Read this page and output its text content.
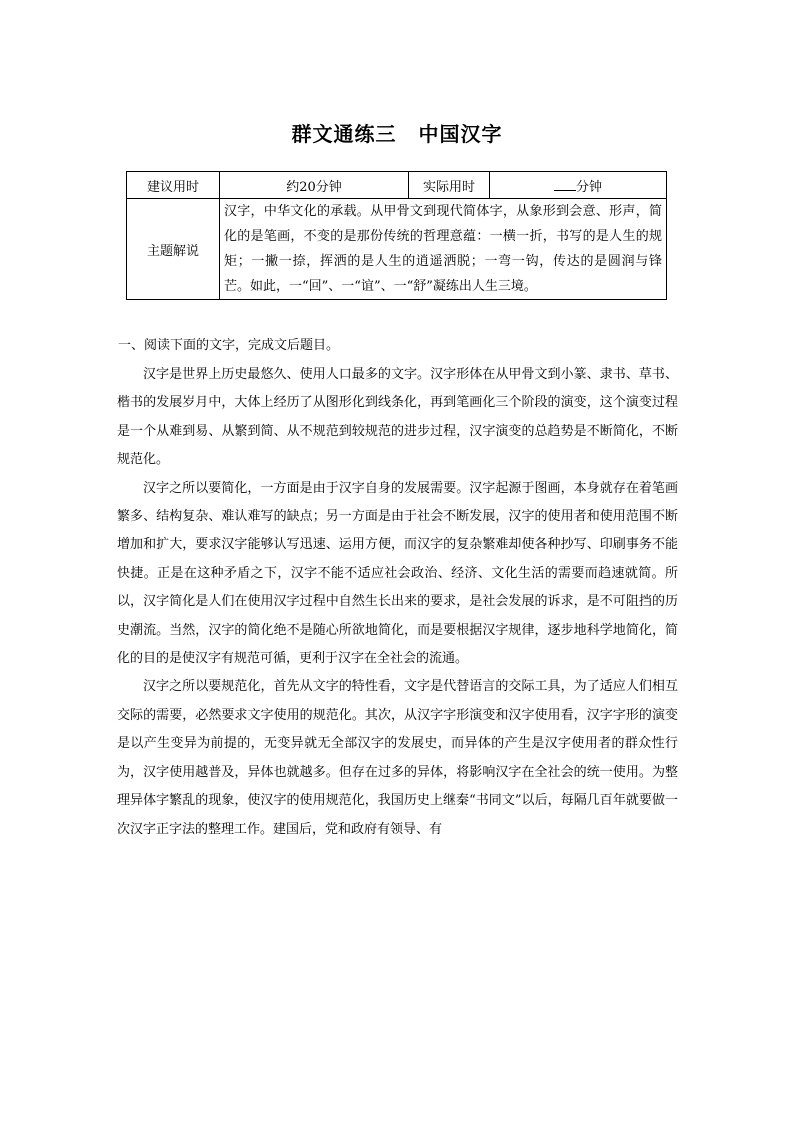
群文通练三 中国汉字
建议用时	约20分钟	实际用时	分钟
主题解说	汉字，中华文化的承载。从甲骨文到现代简体字，从象形到会意、形声，简化的是笔画，不变的是那份传统的哲理意蕴：一横一折，书写的是人生的规矩；一撇一捺，挥洒的是人生的逍遥洒脱；一弯一钩，传达的是圆润与锋芒。如此，一“回”、一“谊”、一“舒”凝练出人生三境。		
一、阅读下面的文字，完成文后题目。

汉字是世界上历史最悠久、使用人口最多的文字。汉字形体在从甲骨文到小篆、隶书、草书、楷书的发展岁月中，大体上经历了从图形化到线条化，再到笔画化三个阶段的演变，这个演变过程是一个从难到易、从繁到简、从不规范到较规范的进步过程，汉字演变的总趋势是不断简化，不断规范化。

汉字之所以要简化，一方面是由于汉字自身的发展需要。汉字起源于图画，本身就存在着笔画繁多、结构复杂、难认难写的缺点；另一方面是由于社会不断发展，汉字的使用者和使用范围不断增加和扩大，要求汉字能够认写迅速、运用方便，而汉字的复杂繁难却使各种抄写、印刷事务不能快捷。正是在这种矛盾之下，汉字不能不适应社会政治、经济、文化生活的需要而趋速就简。所以，汉字简化是人们在使用汉字过程中自然生长出来的要求，是社会发展的诉求，是不可阻挡的历史潮流。当然，汉字的简化绝不是随心所欲地简化，而是要根据汉字规律，逐步地科学地简化，简化的目的是使汉字有规范可循，更利于汉字在全社会的流通。

汉字之所以要规范化，首先从文字的特性看，文字是代替语言的交际工具，为了适应人们相互交际的需要，必然要求文字使用的规范化。其次，从汉字字形演变和汉字使用看，汉字字形的演变是以产生变异为前提的，无变异就无全部汉字的发展史，而异体的产生是汉字使用者的群众性行为，汉字使用越普及，异体也就越多。但存在过多的异体，将影响汉字在全社会的统一使用。为整理异体字繁乱的现象，使汉字的使用规范化，我国历史上继秦“书同文”以后，每隔几百年就要做一次汉字正字法的整理工作。建国后，党和政府有领导、有
